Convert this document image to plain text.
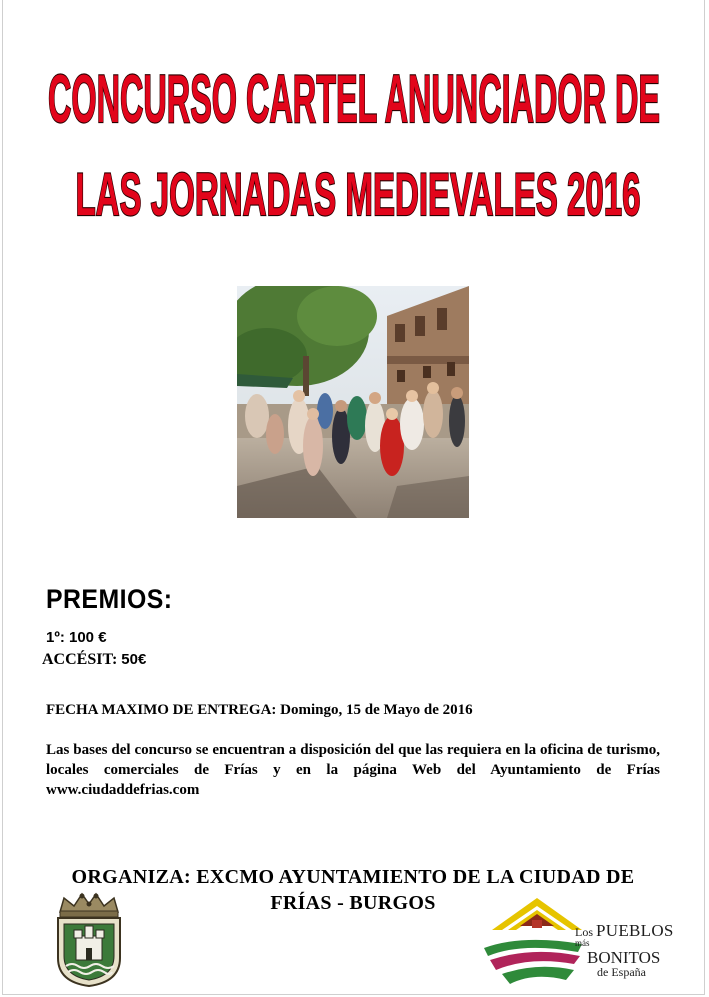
CONCURSO CARTEL ANUNCIADOR DE
LAS JORNADAS MEDIEVALES 2016
PREMIOS:
1º: 100 €
ACCÉSIT: 50€
FECHA MAXIMO DE ENTREGA: Domingo, 15 de Mayo de 2016

Las bases del concurso se encuentran a disposición del que las requiera en la oficina de turismo, locales comerciales de Frías y en la página Web del Ayuntamiento de Frías www.ciudaddefrias.com

ORGANIZA: EXCMO AYUNTAMIENTO DE LA CIUDAD DE
FRÍAS - BURGOS

Los PUEBLOS $^{más}$
BONITOS
de España
